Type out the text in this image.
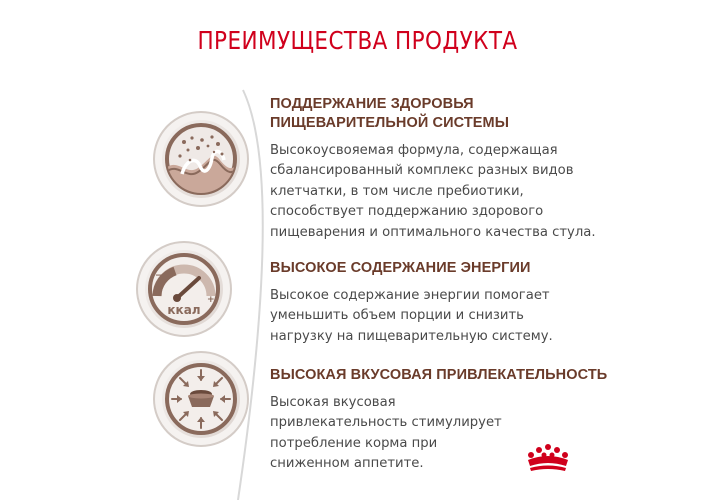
ПРЕИМУЩЕСТВА ПРОДУКТА
−
+
ккал
ПОДДЕРЖАНИЕ ЗДОРОВЬЯ ПИЩЕВАРИТЕЛЬНОЙ СИСТЕМЫ

Высокоусвояемая формула, содержащая сбалансированный комплекс разных видов клетчатки, в том числе пребиотики, способствует поддержанию здорового пищеварения и оптимального качества стула.

ВЫСОКОЕ СОДЕРЖАНИЕ ЭНЕРГИИ

Высокое содержание энергии помогает уменьшить объем порции и снизить нагрузку на пищеварительную систему.

ВЫСОКАЯ ВКУСОВАЯ ПРИВЛЕКАТЕЛЬНОСТЬ

Высокая вкусовая привлекательность стимулирует потребление корма при сниженном аппетите.
